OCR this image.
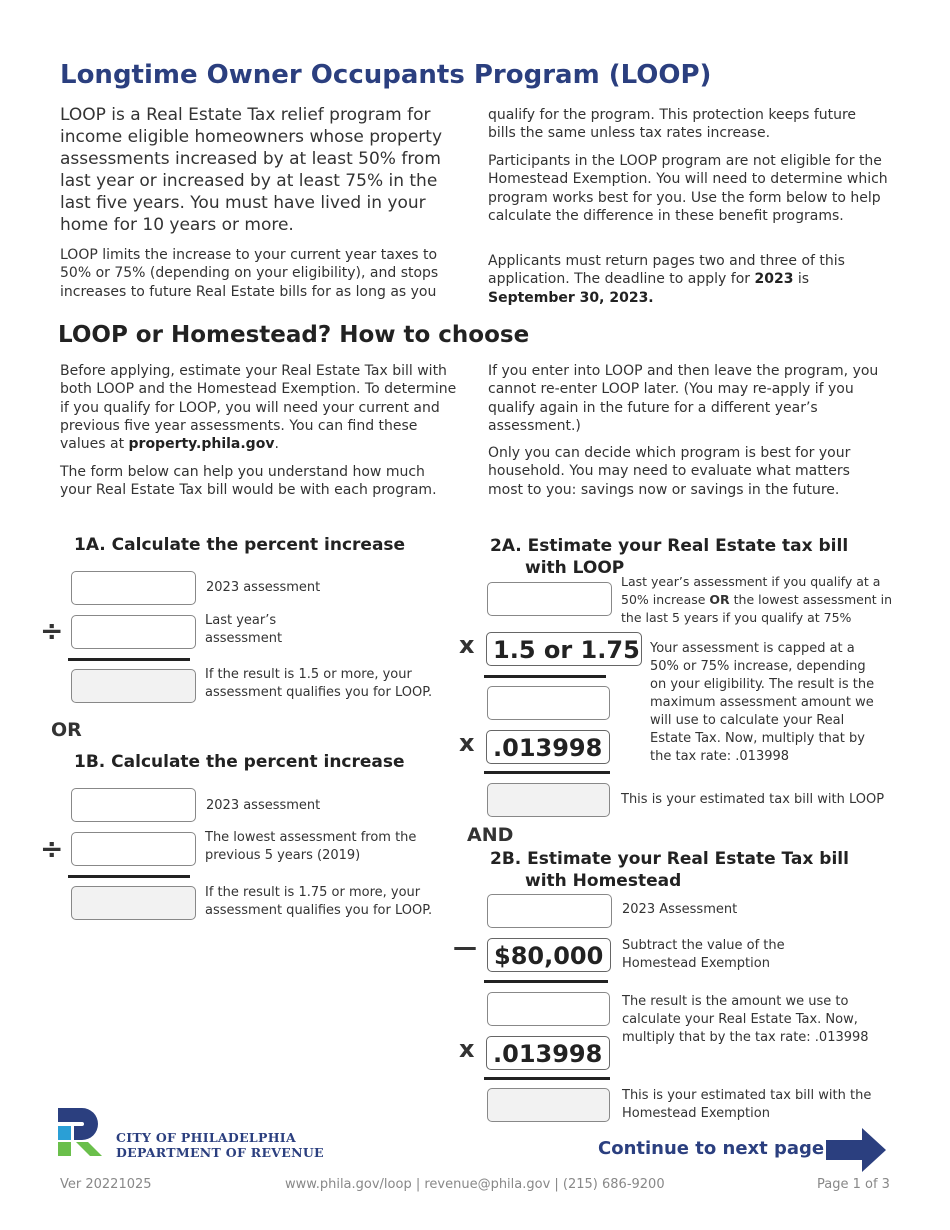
Longtime Owner Occupants Program (LOOP)
LOOP is a Real Estate Tax relief program for income eligible homeowners whose property assessments increased by at least 50% from last year or increased by at least 75% in the last five years. You must have lived in your home for 10 years or more.
LOOP limits the increase to your current year taxes to 50% or 75% (depending on your eligibility), and stops increases to future Real Estate bills for as long as you
qualify for the program. This protection keeps future bills the same unless tax rates increase.
Participants in the LOOP program are not eligible for the Homestead Exemption. You will need to determine which program works best for you. Use the form below to help calculate the difference in these benefit programs.
Applicants must return pages two and three of this application. The deadline to apply for 2023 is September 30, 2023.
LOOP or Homestead? How to choose
Before applying, estimate your Real Estate Tax bill with both LOOP and the Homestead Exemption. To determine if you qualify for LOOP, you will need your current and previous five year assessments. You can find these values at property.phila.gov.
The form below can help you understand how much your Real Estate Tax bill would be with each program.
If you enter into LOOP and then leave the program, you cannot re-enter LOOP later. (You may re-apply if you qualify again in the future for a different year’s assessment.)
Only you can decide which program is best for your household. You may need to evaluate what matters most to you: savings now or savings in the future.
1A. Calculate the percent increase
2023 assessment
÷	Last year’s assessment
If the result is 1.5 or more, your assessment qualifies you for LOOP.
OR
1B. Calculate the percent increase
2023 assessment
÷	The lowest assessment from the previous 5 years (2019)
If the result is 1.75 or more, your assessment qualifies you for LOOP.
2A. Estimate your Real Estate tax bill
with LOOP
Last year’s assessment if you qualify at a 50% increase OR the lowest assessment in the last 5 years if you qualify at 75%
x 1.5 or 1.75 Your assessment is capped at a 50% or 75% increase, depending on your eligibility. The result is the maximum assessment amount we will use to calculate your Real Estate Tax. Now, multiply that by the tax rate: .013998
x .013998
This is your estimated tax bill with LOOP
AND
2B. Estimate your Real Estate Tax bill
with Homestead
2023 Assessment
— $80,000	Subtract the value of the Homestead Exemption
The result is the amount we use to calculate your Real Estate Tax. Now, multiply that by the tax rate: .013998
x .013998
This is your estimated tax bill with the Homestead Exemption
CITY OF PHILADELPHIA
DEPARTMENT OF REVENUE	Continue to next page
Ver 20221025	www.phila.gov/loop | revenue@phila.gov | (215) 686-9200	Page 1 of 3
